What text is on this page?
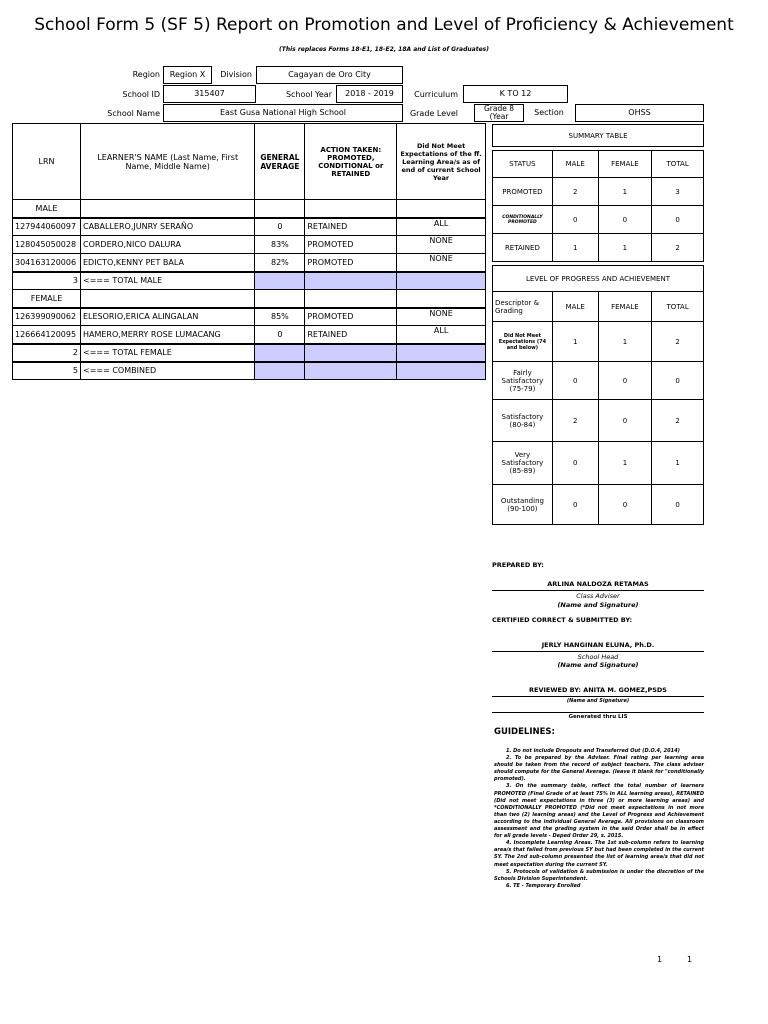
School Form 5 (SF 5) Report on Promotion and Level of Proficiency & Achievement
(This replaces Forms 18-E1, 18-E2, 18A and List of Graduates)
Region	Region X	Division	Cagayan de Oro City
School ID	315407	School Year	2018 - 2019	Curriculum	K TO 12
School Name	East Gusa National High School	Grade Level
Grade 8 (Year	Section	OHSS
LRN	LEARNER'S NAME (Last Name, First Name, Middle Name)	GENERAL AVERAGE	ACTION TAKEN: PROMOTED, CONDITIONAL or RETAINED	Did Not Meet Expectations of the ff. Learning Area/s as of end of current School Year
MALE				
127944060097	CABALLERO,JUNRY SERAÑO	0	RETAINED	ALL
128045050028	CORDERO,NICO DALURA	83%	PROMOTED	NONE
304163120006	EDICTO,KENNY PET BALA	82%	PROMOTED	NONE
3	<=== TOTAL MALE			
FEMALE				
126399090062	ELESORIO,ERICA ALINGALAN	85%	PROMOTED	NONE
126664120095	HAMERO,MERRY ROSE LUMACANG	0	RETAINED	ALL
2	<=== TOTAL FEMALE			
5	<=== COMBINED			
SUMMARY TABLE			

STATUS	MALE	FEMALE	TOTAL
PROMOTED	2	1	3
CONDITIONALLY PROMOTED	0	0	0
RETAINED	1	1	2
LEVEL OF PROGRESS AND ACHIEVEMENT			
Descriptor & Grading	MALE	FEMALE	TOTAL
Did Not Meet Expectations (74 and below)	1	1	2
Fairly Satisfactory (75-79)	0	0	0
Satisfactory (80-84)	2	0	2
Very Satisfactory (85-89)	0	1	1
Outstanding (90-100)	0	0	0
PREPARED BY:
ARLINA NALDOZA RETAMAS
Class Adviser
(Name and Signature)
CERTIFIED CORRECT & SUBMITTED BY:
JERLY HANGINAN ELUNA, Ph.D.
School Head
(Name and Signature)
REVIEWED BY: ANITA M. GOMEZ,PSDS
(Name and Signature)
Generated thru LIS
GUIDELINES:

1. Do not include Dropouts and Transferred Out (D.O.4, 2014)

2. To be prepared by the Adviser. Final rating per learning area should be taken from the record of subject teachers. The class adviser should compute for the General Average. (leave it blank for "conditionally promoted).

3. On the summary table, reflect the total number of learners PROMOTED (Final Grade of at least 75% in ALL learning areas), RETAINED (Did not meet expectations in three (3) or more learning areas) and *CONDITIONALLY PROMOTED (*Did not meet expectations in not more than two (2) learning areas) and the Level of Progress and Achievement according to the individual General Average. All provisions on classroom assessment and the grading system in the said Order shall be in effect for all grade levels - Deped Order 29, s. 2015.

4. Incomplete Learning Areas. The 1st sub-column refers to learning area/s that failed from previous SY but had been completed in the current SY. The 2nd sub-column presented the list of learning area/s that did not meet expectation during the current SY.

5. Protocols of validation & submission is under the discretion of the Schools Division Superintendent.

6. TE - Temporary Enrolled

1	1
